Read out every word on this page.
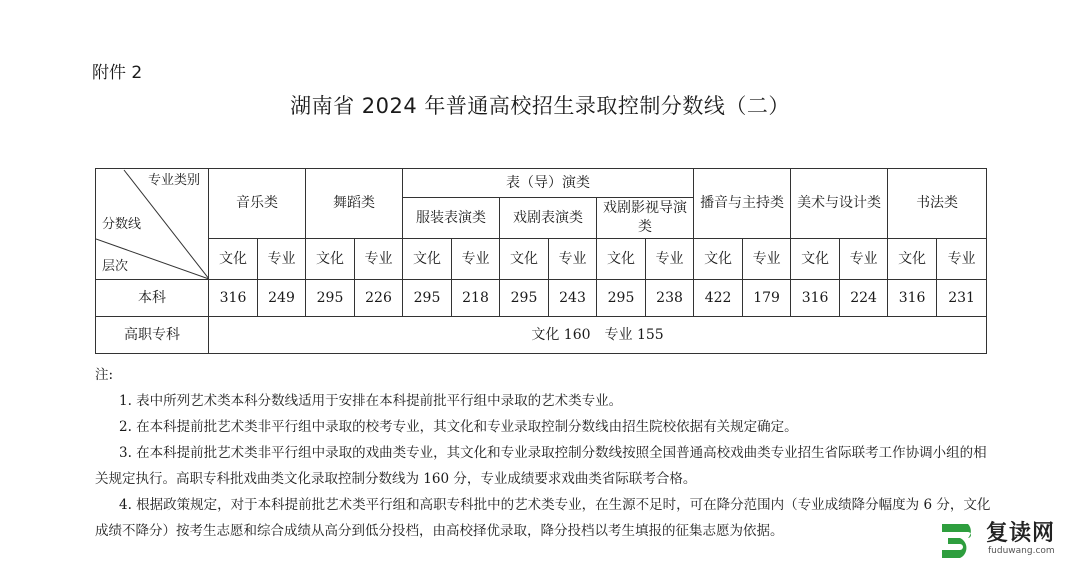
附件 2
湖南省 2024 年普通高校招生录取控制分数线（二）
专业类别
分数线
层次	音乐类		舞蹈类		表（导）演类						播音与主持类		美术与设计类		书法类	
					服装表演类		戏剧表演类		戏剧影视导演类							
	文化	专业	文化	专业	文化	专业	文化	专业	文化	专业	文化	专业	文化	专业	文化	专业
本科	316	249	295	226	295	218	295	243	295	238	422	179	316	224	316	231
高职专科	文化 160　专业 155															

注:

1. 表中所列艺术类本科分数线适用于安排在本科提前批平行组中录取的艺术类专业。

2. 在本科提前批艺术类非平行组中录取的校考专业，其文化和专业录取控制分数线由招生院校依据有关规定确定。

3. 在本科提前批艺术类非平行组中录取的戏曲类专业，其文化和专业录取控制分数线按照全国普通高校戏曲类专业招生省际联考工作协调小组的相关规定执行。高职专科批戏曲类文化录取控制分数线为 160 分，专业成绩要求戏曲类省际联考合格。

4. 根据政策规定，对于本科提前批艺术类平行组和高职专科批中的艺术类专业，在生源不足时，可在降分范围内（专业成绩降分幅度为 6 分，文化成绩不降分）按考生志愿和综合成绩从高分到低分投档，由高校择优录取，降分投档以考生填报的征集志愿为依据。	复读网
fuduwang.com
